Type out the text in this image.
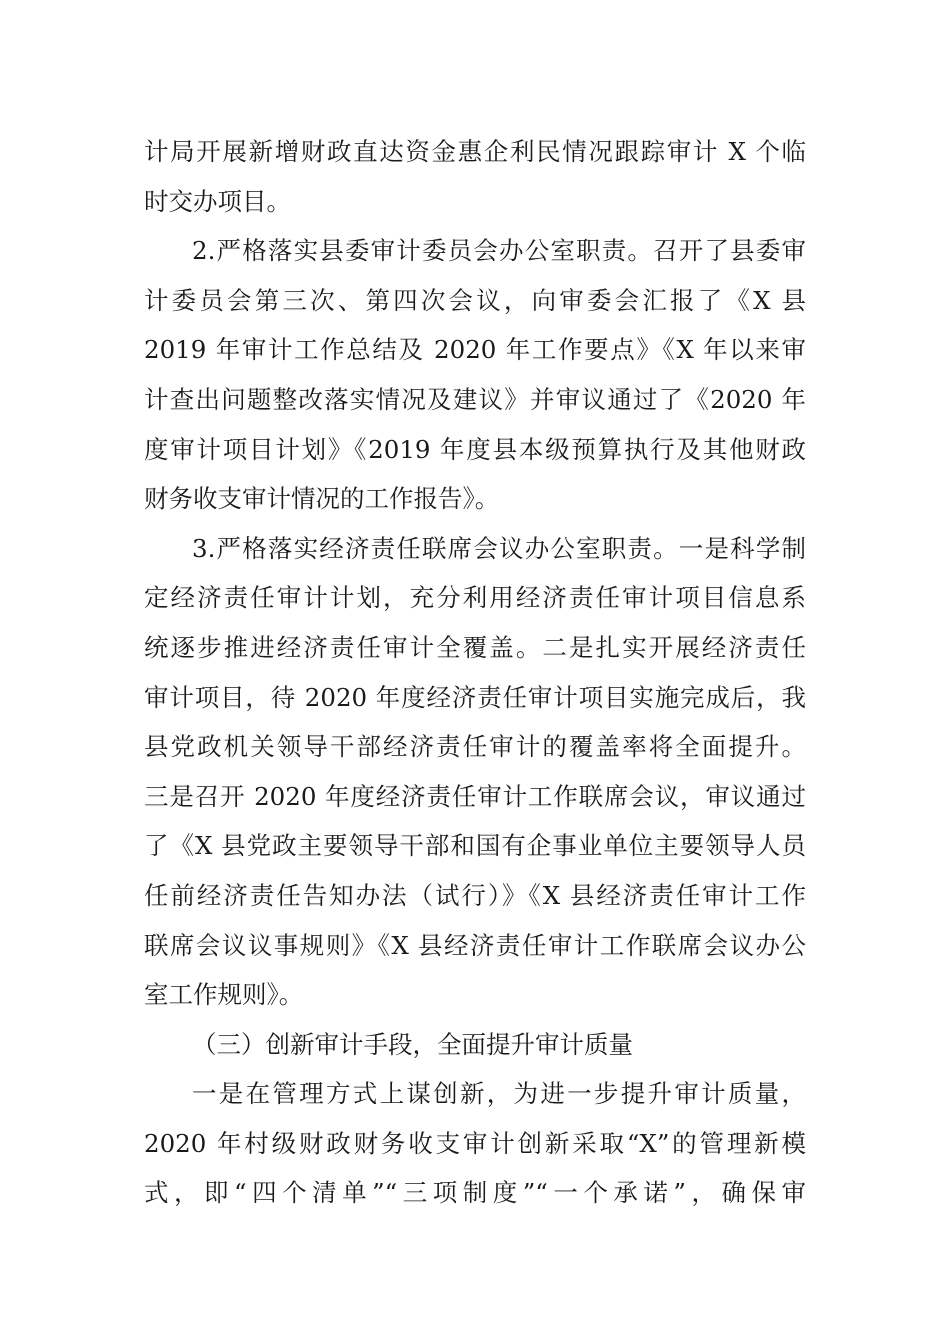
计局开展新增财政直达资金惠企利民情况跟踪审计 X 个临
时交办项目。
2.严格落实县委审计委员会办公室职责。召开了县委审
计委员会第三次、第四次会议，向审委会汇报了《X 县
2019 年审计工作总结及 2020 年工作要点》《X 年以来审
计查出问题整改落实情况及建议》并审议通过了《2020 年
度审计项目计划》《2019 年度县本级预算执行及其他财政
财务收支审计情况的工作报告》。
3.严格落实经济责任联席会议办公室职责。一是科学制
定经济责任审计计划，充分利用经济责任审计项目信息系
统逐步推进经济责任审计全覆盖。二是扎实开展经济责任
审计项目，待 2020 年度经济责任审计项目实施完成后，我
县党政机关领导干部经济责任审计的覆盖率将全面提升。
三是召开 2020 年度经济责任审计工作联席会议，审议通过
了《X 县党政主要领导干部和国有企事业单位主要领导人员
任前经济责任告知办法（试行）》《X 县经济责任审计工作
联席会议议事规则》《X 县经济责任审计工作联席会议办公
室工作规则》。
（三）创新审计手段，全面提升审计质量
一是在管理方式上谋创新，为进一步提升审计质量，
2020 年村级财政财务收支审计创新采取“X”的管理新模
式，即“四个清单”“三项制度”“一个承诺”，确保审
